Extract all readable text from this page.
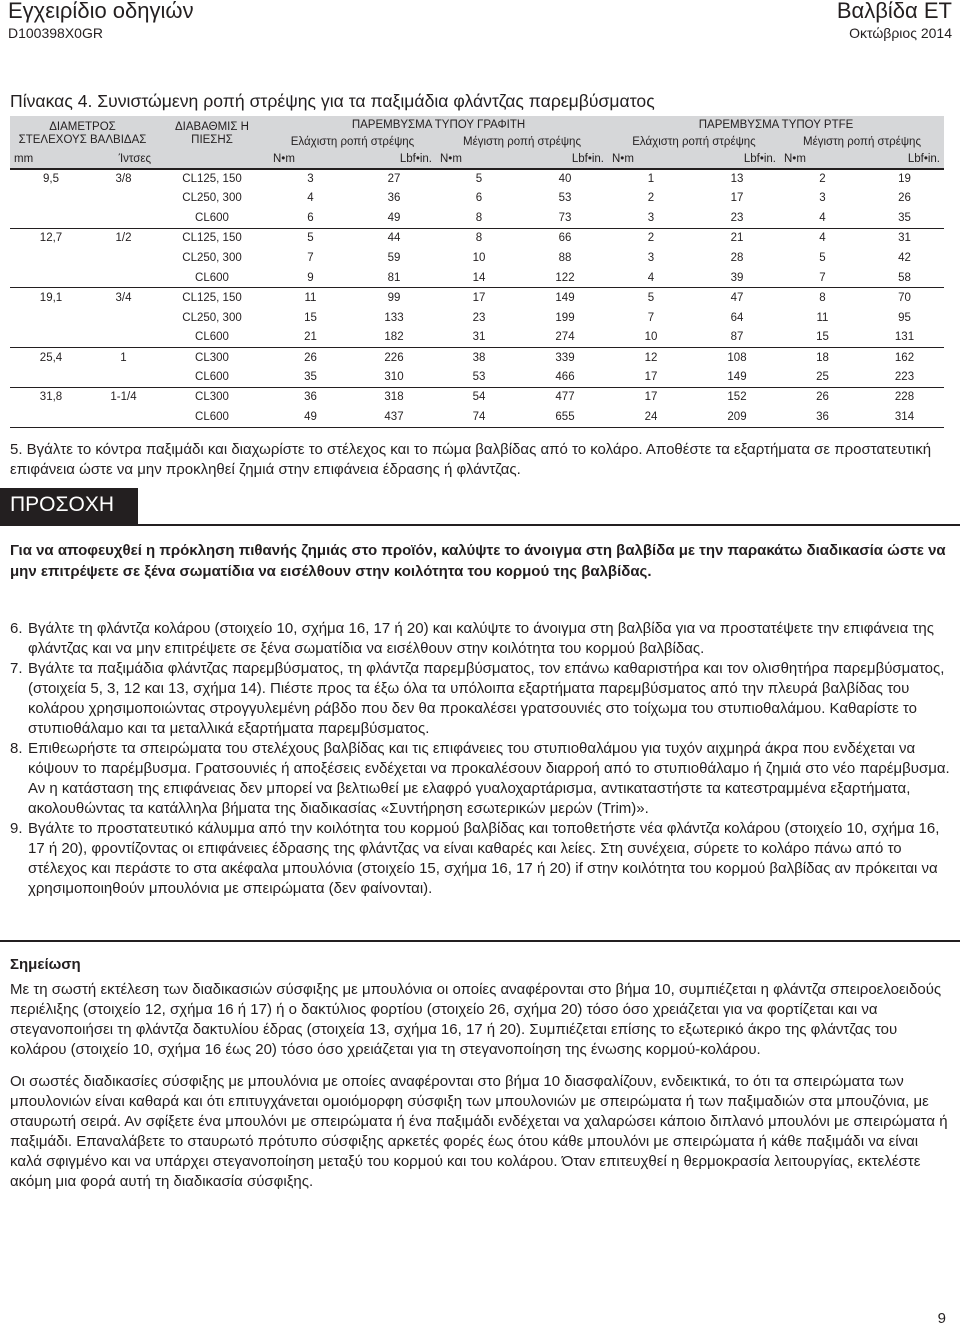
Εγχειρίδιο οδηγιών
D100398X0GR
Βαλβίδα ET
Οκτώβριος 2014
Πίνακας 4. Συνιστώμενη ροπή στρέψης για τα παξιμάδια φλάντζας παρεμβύσματος
ΔΙΑΜΕΤΡΟΣ ΣΤΕΛΕΧΟΥΣ ΒΑΛΒΙΔΑΣ		ΔΙΑΒΑΘΜΙΣ Η ΠΙΕΣΗΣ	ΠΑΡΕΜΒΥΣΜΑ ΤΥΠΟΥ ΓΡΑΦΙΤΗ				ΠΑΡΕΜΒΥΣΜΑ ΤΥΠΟΥ PTFE			
			Ελάχιστη ροπή στρέψης		Μέγιστη ροπή στρέψης		Ελάχιστη ροπή στρέψης		Μέγιστη ροπή στρέψης	
mm	Ίντσες		N•m	Lbf•in.	N•m	Lbf•in.	N•m	Lbf•in.	N•m	Lbf•in.
9,5	3/8	CL125, 150	3	27	5	40	1	13	2	19
		CL250, 300	4	36	6	53	2	17	3	26
		CL600	6	49	8	73	3	23	4	35
12,7	1/2	CL125, 150	5	44	8	66	2	21	4	31
		CL250, 300	7	59	10	88	3	28	5	42
		CL600	9	81	14	122	4	39	7	58
19,1	3/4	CL125, 150	11	99	17	149	5	47	8	70
		CL250, 300	15	133	23	199	7	64	11	95
		CL600	21	182	31	274	10	87	15	131
25,4	1	CL300	26	226	38	339	12	108	18	162
		CL600	35	310	53	466	17	149	25	223
31,8	1-1/4	CL300	36	318	54	477	17	152	26	228
		CL600	49	437	74	655	24	209	36	314
5. Βγάλτε το κόντρα παξιμάδι και διαχωρίστε το στέλεχος και το πώμα βαλβίδας από το κολάρο. Αποθέστε τα εξαρτήματα σε προστατευτική επιφάνεια ώστε να μην προκληθεί ζημιά στην επιφάνεια έδρασης ή φλάντζας.
ΠΡΟΣΟΧΗ
Για να αποφευχθεί η πρόκληση πιθανής ζημιάς στο προϊόν, καλύψτε το άνοιγμα στη βαλβίδα με την παρακάτω διαδικασία ώστε να μην επιτρέψετε σε ξένα σωματίδια να εισέλθουν στην κοιλότητα του κορμού της βαλβίδας.
6. Βγάλτε τη φλάντζα κολάρου (στοιχείο 10, σχήμα 16, 17 ή 20) και καλύψτε το άνοιγμα στη βαλβίδα για να προστατέψετε την επιφάνεια της φλάντζας και να μην επιτρέψετε σε ξένα σωματίδια να εισέλθουν στην κοιλότητα του κορμού βαλβίδας.
7. Βγάλτε τα παξιμάδια φλάντζας παρεμβύσματος, τη φλάντζα παρεμβύσματος, τον επάνω καθαριστήρα και τον ολισθητήρα παρεμβύσματος, (στοιχεία 5, 3, 12 και 13, σχήμα 14). Πιέστε προς τα έξω όλα τα υπόλοιπα εξαρτήματα παρεμβύσματος από την πλευρά βαλβίδας του κολάρου χρησιμοποιώντας στρογγυλεμένη ράβδο που δεν θα προκαλέσει γρατσουνιές στο τοίχωμα του στυπιοθαλάμου. Καθαρίστε το στυπιοθάλαμο και τα μεταλλικά εξαρτήματα παρεμβύσματος.
8. Επιθεωρήστε τα σπειρώματα του στελέχους βαλβίδας και τις επιφάνειες του στυπιοθαλάμου για τυχόν αιχμηρά άκρα που ενδέχεται να κόψουν το παρέμβυσμα. Γρατσουνιές ή αποξέσεις ενδέχεται να προκαλέσουν διαρροή από το στυπιοθάλαμο ή ζημιά στο νέο παρέμβυσμα. Αν η κατάσταση της επιφάνειας δεν μπορεί να βελτιωθεί με ελαφρό γυαλοχαρτάρισμα, αντικαταστήστε τα κατεστραμμένα εξαρτήματα, ακολουθώντας τα κατάλληλα βήματα της διαδικασίας «Συντήρηση εσωτερικών μερών (Trim)».
9. Βγάλτε το προστατευτικό κάλυμμα από την κοιλότητα του κορμού βαλβίδας και τοποθετήστε νέα φλάντζα κολάρου (στοιχείο 10, σχήμα 16, 17 ή 20), φροντίζοντας οι επιφάνειες έδρασης της φλάντζας να είναι καθαρές και λείες. Στη συνέχεια, σύρετε το κολάρο πάνω από το στέλεχος και περάστε το στα ακέφαλα μπουλόνια (στοιχείο 15, σχήμα 16, 17 ή 20) if στην κοιλότητα του κορμού βαλβίδας αν πρόκειται να χρησιμοποιηθούν μπουλόνια με σπειρώματα (δεν φαίνονται).
Σημείωση

Με τη σωστή εκτέλεση των διαδικασιών σύσφιξης με μπουλόνια οι οποίες αναφέρονται στο βήμα 10, συμπιέζεται η φλάντζα σπειροελοειδούς περιέλιξης (στοιχείο 12, σχήμα 16 ή 17) ή ο δακτύλιος φορτίου (στοιχείο 26, σχήμα 20) τόσο όσο χρειάζεται για να φορτίζεται και να στεγανοποιήσει τη φλάντζα δακτυλίου έδρας (στοιχεία 13, σχήμα 16, 17 ή 20). Συμπιέζεται επίσης το εξωτερικό άκρο της φλάντζας του κολάρου (στοιχείο 10, σχήμα 16 έως 20) τόσο όσο χρειάζεται για τη στεγανοποίηση της ένωσης κορμού-κολάρου.

Οι σωστές διαδικασίες σύσφιξης με μπουλόνια με οποίες αναφέρονται στο βήμα 10 διασφαλίζουν, ενδεικτικά, το ότι τα σπειρώματα των μπουλονιών είναι καθαρά και ότι επιτυγχάνεται ομοιόμορφη σύσφιξη των μπουλονιών με σπειρώματα ή των παξιμαδιών στα μπουζόνια, με σταυρωτή σειρά. Αν σφίξετε ένα μπουλόνι με σπειρώματα ή ένα παξιμάδι ενδέχεται να χαλαρώσει κάποιο διπλανό μπουλόνι με σπειρώματα ή παξιμάδι. Επαναλάβετε το σταυρωτό πρότυπο σύσφιξης αρκετές φορές έως ότου κάθε μπουλόνι με σπειρώματα ή κάθε παξιμάδι να είναι καλά σφιγμένο και να υπάρχει στεγανοποίηση μεταξύ του κορμού και του κολάρου. Όταν επιτευχθεί η θερμοκρασία λειτουργίας, εκτελέστε ακόμη μια φορά αυτή τη διαδικασία σύσφιξης.

9
